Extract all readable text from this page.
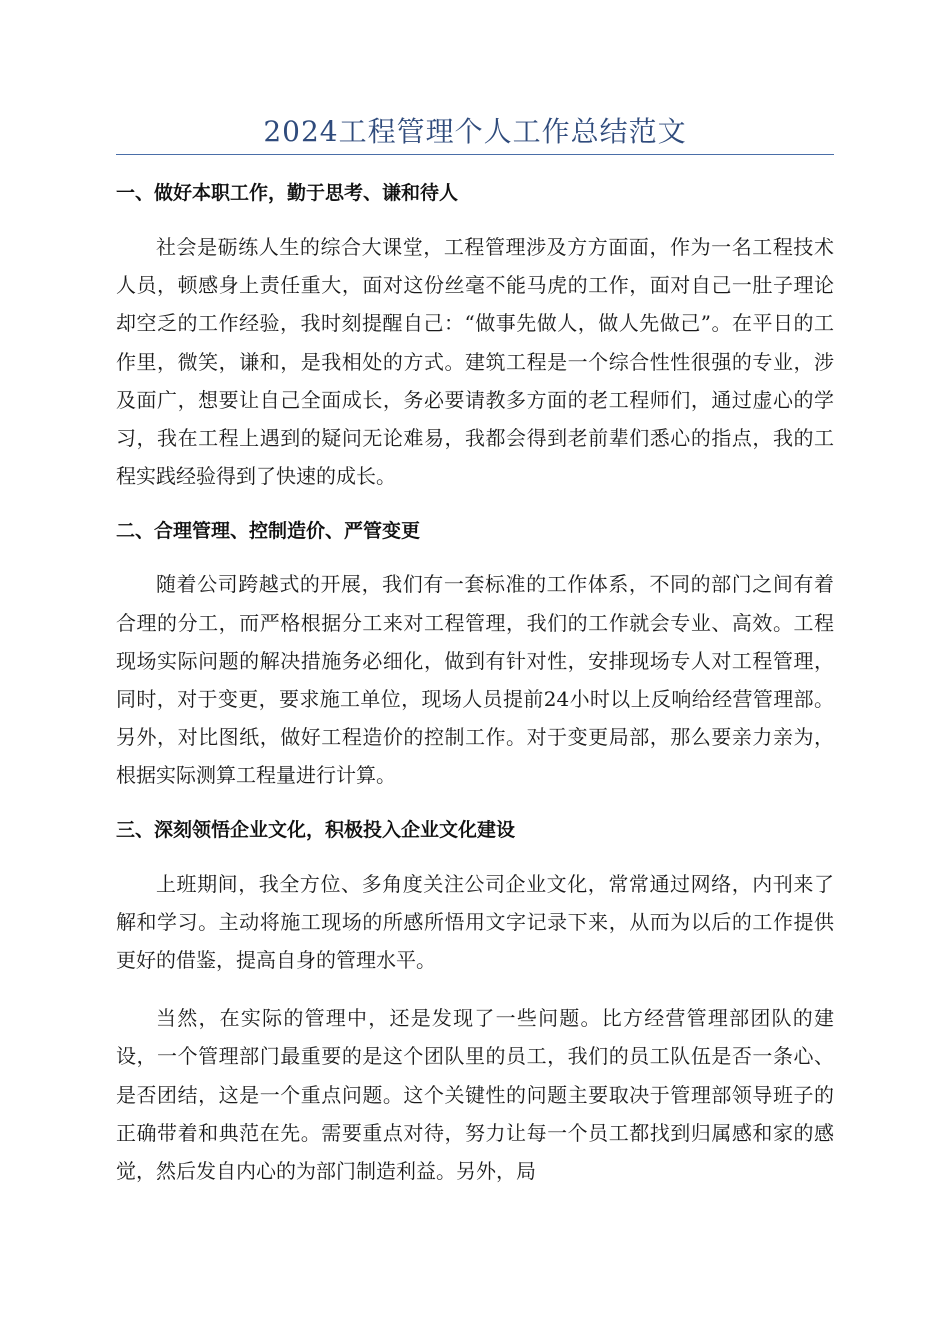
2024工程管理个人工作总结范文
一、做好本职工作，勤于思考、谦和待人

社会是砺练人生的综合大课堂，工程管理涉及方方面面，作为一名工程技术人员，顿感身上责任重大，面对这份丝毫不能马虎的工作，面对自己一肚子理论却空乏的工作经验，我时刻提醒自己：“做事先做人，做人先做己”。在平日的工作里，微笑，谦和，是我相处的方式。建筑工程是一个综合性性很强的专业，涉及面广，想要让自己全面成长，务必要请教多方面的老工程师们，通过虚心的学习，我在工程上遇到的疑问无论难易，我都会得到老前辈们悉心的指点，我的工程实践经验得到了快速的成长。

二、合理管理、控制造价、严管变更

随着公司跨越式的开展，我们有一套标准的工作体系，不同的部门之间有着合理的分工，而严格根据分工来对工程管理，我们的工作就会专业、高效。工程现场实际问题的解决措施务必细化，做到有针对性，安排现场专人对工程管理，同时，对于变更，要求施工单位，现场人员提前24小时以上反响给经营管理部。另外，对比图纸，做好工程造价的控制工作。对于变更局部，那么要亲力亲为，根据实际测算工程量进行计算。

三、深刻领悟企业文化，积极投入企业文化建设

上班期间，我全方位、多角度关注公司企业文化，常常通过网络，内刊来了解和学习。主动将施工现场的所感所悟用文字记录下来，从而为以后的工作提供更好的借鉴，提高自身的管理水平。

当然，在实际的管理中，还是发现了一些问题。比方经营管理部团队的建设，一个管理部门最重要的是这个团队里的员工，我们的员工队伍是否一条心、是否团结，这是一个重点问题。这个关键性的问题主要取决于管理部领导班子的正确带着和典范在先。需要重点对待，努力让每一个员工都找到归属感和家的感觉，然后发自内心的为部门制造利益。另外，局
